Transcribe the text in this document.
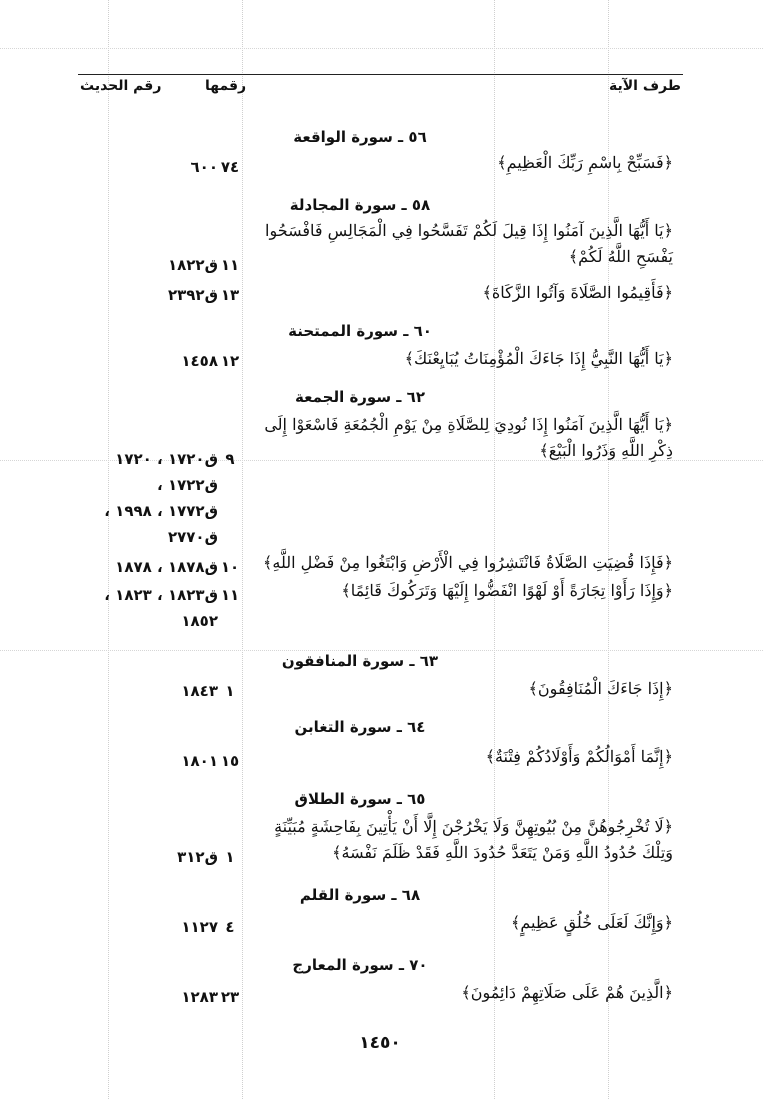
طرف الآية
رقمها
رقم الحديث
٥٦ ـ سورة الواقعة
﴿فَسَبِّحْ بِاسْمِ رَبِّكَ الْعَظِيمِ﴾
٧٤
٦٠٠
٥٨ ـ سورة المجادلة
﴿يَا أَيُّهَا الَّذِينَ آمَنُوا إِذَا قِيلَ لَكُمْ تَفَسَّحُوا فِي الْمَجَالِسِ فَافْسَحُوا يَفْسَحِ اللَّهُ لَكُمْ﴾
١١
ق١٨٢٢
﴿فَأَقِيمُوا الصَّلَاةَ وَآتُوا الزَّكَاةَ﴾
١٣
ق٢٣٩٢
٦٠ ـ سورة الممتحنة
﴿يَا أَيُّهَا النَّبِيُّ إِذَا جَاءَكَ الْمُؤْمِنَاتُ يُبَايِعْنَكَ﴾
١٢
١٤٥٨
٦٢ ـ سورة الجمعة
﴿يَا أَيُّهَا الَّذِينَ آمَنُوا إِذَا نُودِيَ لِلصَّلَاةِ مِنْ يَوْمِ الْجُمُعَةِ فَاسْعَوْا إِلَى ذِكْرِ اللَّهِ وَذَرُوا الْبَيْعَ﴾
٩
ق١٧٢٠ ، ١٧٢٠
ق١٧٢٢ ،
ق١٧٧٢ ، ١٩٩٨ ،
ق٢٧٧٠
﴿فَإِذَا قُضِيَتِ الصَّلَاةُ فَانْتَشِرُوا فِي الْأَرْضِ وَابْتَغُوا مِنْ فَضْلِ اللَّهِ﴾
١٠
ق١٨٧٨ ، ١٨٧٨
﴿وَإِذَا رَأَوْا تِجَارَةً أَوْ لَهْوًا انْفَضُّوا إِلَيْهَا وَتَرَكُوكَ قَائِمًا﴾
١١
ق١٨٢٣ ، ١٨٢٣ ،
١٨٥٢
٦٣ ـ سورة المنافقون
﴿إِذَا جَاءَكَ الْمُنَافِقُونَ﴾
١
١٨٤٣
٦٤ ـ سورة التغابن
﴿إِنَّمَا أَمْوَالُكُمْ وَأَوْلَادُكُمْ فِتْنَةٌ﴾
١٥
١٨٠١
٦٥ ـ سورة الطلاق
﴿لَا تُخْرِجُوهُنَّ مِنْ بُيُوتِهِنَّ وَلَا يَخْرُجْنَ إِلَّا أَنْ يَأْتِينَ بِفَاحِشَةٍ مُبَيِّنَةٍ وَتِلْكَ حُدُودُ اللَّهِ وَمَنْ يَتَعَدَّ حُدُودَ اللَّهِ فَقَدْ ظَلَمَ نَفْسَهُ﴾
١
ق٣١٢
٦٨ ـ سورة القلم
﴿وَإِنَّكَ لَعَلَى خُلُقٍ عَظِيمٍ﴾
٤
١١٢٧
٧٠ ـ سورة المعارج
﴿الَّذِينَ هُمْ عَلَى صَلَاتِهِمْ دَائِمُونَ﴾
٢٣
١٢٨٣
١٤٥٠
